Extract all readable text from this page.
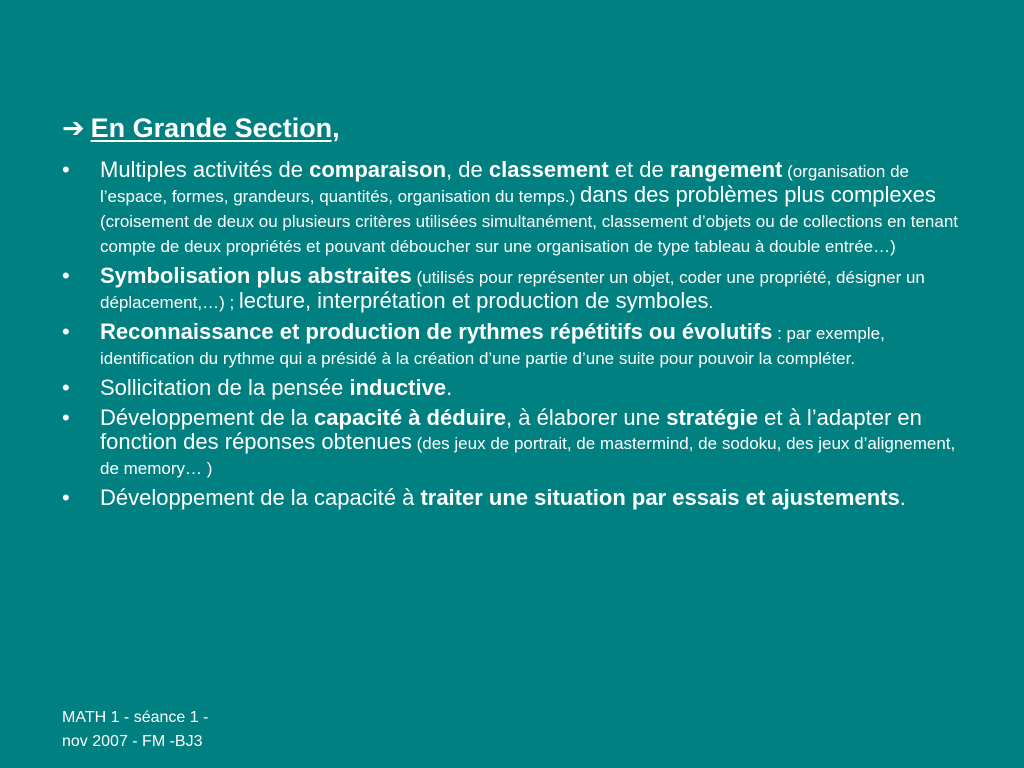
➔ En Grande Section,
• Multiples activités de comparaison, de classement et de rangement (organisation de l’espace, formes, grandeurs, quantités, organisation du temps.) dans des problèmes plus complexes (croisement de deux ou plusieurs critères utilisées simultanément, classement d’objets ou de collections en tenant compte de deux propriétés et pouvant déboucher sur une organisation de type tableau à double entrée…)
• Symbolisation plus abstraites (utilisés pour représenter un objet, coder une propriété, désigner un déplacement,…) ; lecture, interprétation et production de symboles.
• Reconnaissance et production de rythmes répétitifs ou évolutifs : par exemple, identification du rythme qui a présidé à la création d’une partie d’une suite pour pouvoir la compléter.
• Sollicitation de la pensée inductive.
• Développement de la capacité à déduire, à élaborer une stratégie et à l’adapter en fonction des réponses obtenues (des jeux de portrait, de mastermind, de sodoku, des jeux d’alignement, de memory… )
• Développement de la capacité à traiter une situation par essais et ajustements.
MATH 1 - séance 1 -
nov 2007 - FM -BJ3
